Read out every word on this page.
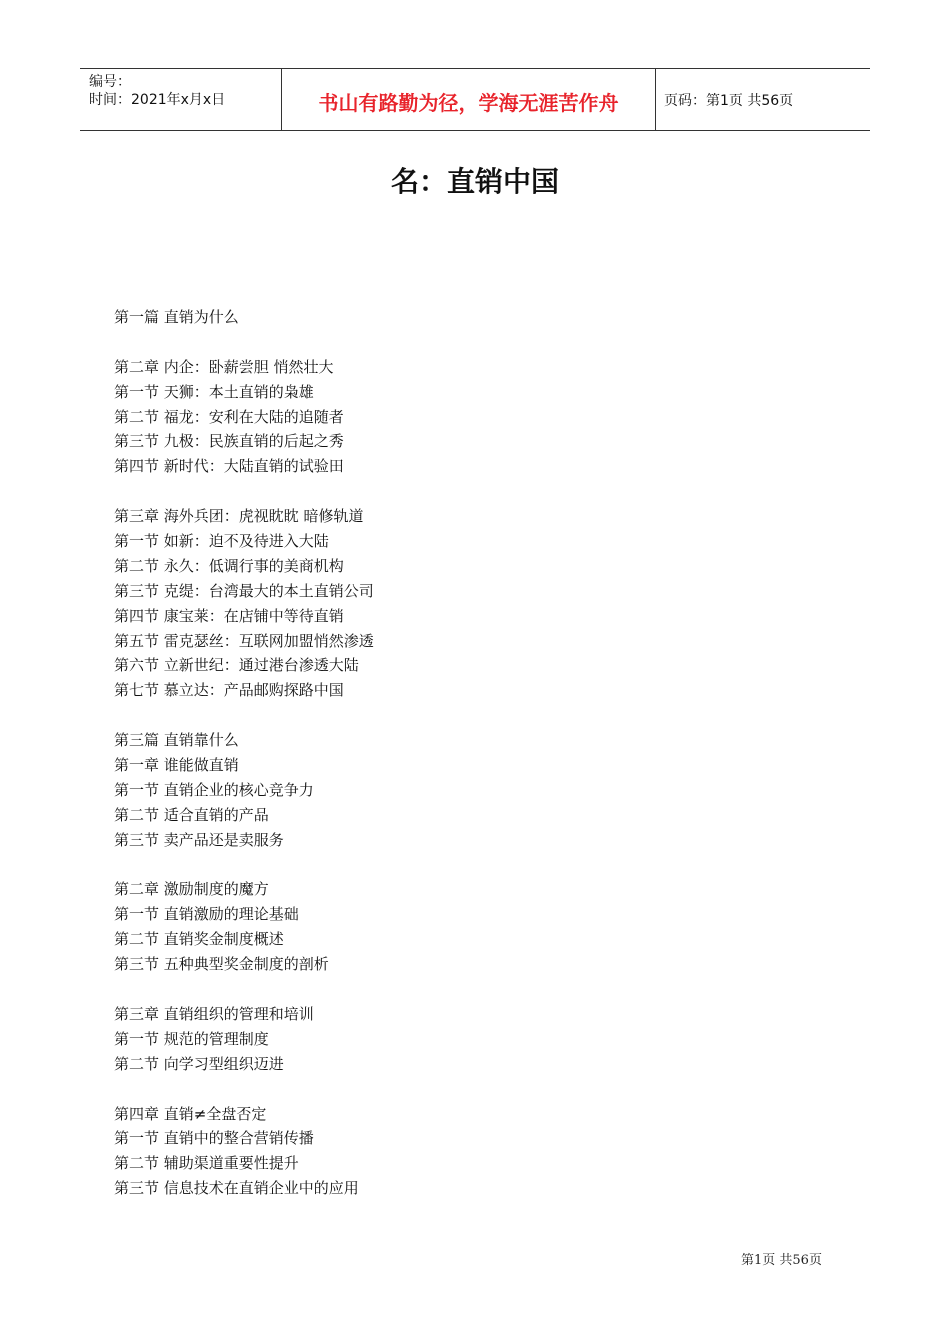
编号：
时间：2021年x月x日	书山有路勤为径，学海无涯苦作舟	页码：第1页 共56页
名：直销中国
第一篇 直销为什么
第二章 内企：卧薪尝胆 悄然壮大
第一节 天狮：本土直销的枭雄
第二节 福龙：安利在大陆的追随者
第三节 九极：民族直销的后起之秀
第四节 新时代：大陆直销的试验田
第三章 海外兵团：虎视眈眈 暗修轨道
第一节 如新：迫不及待进入大陆
第二节 永久：低调行事的美商机构
第三节 克缇：台湾最大的本土直销公司
第四节 康宝莱：在店铺中等待直销
第五节 雷克瑟丝：互联网加盟悄然渗透
第六节 立新世纪：通过港台渗透大陆
第七节 慕立达：产品邮购探路中国
第三篇 直销靠什么
第一章 谁能做直销
第一节 直销企业的核心竞争力
第二节 适合直销的产品
第三节 卖产品还是卖服务
第二章 激励制度的魔方
第一节 直销激励的理论基础
第二节 直销奖金制度概述
第三节 五种典型奖金制度的剖析
第三章 直销组织的管理和培训
第一节 规范的管理制度
第二节 向学习型组织迈进
第四章 直销≠全盘否定
第一节 直销中的整合营销传播
第二节 辅助渠道重要性提升
第三节 信息技术在直销企业中的应用
第1页 共56页
